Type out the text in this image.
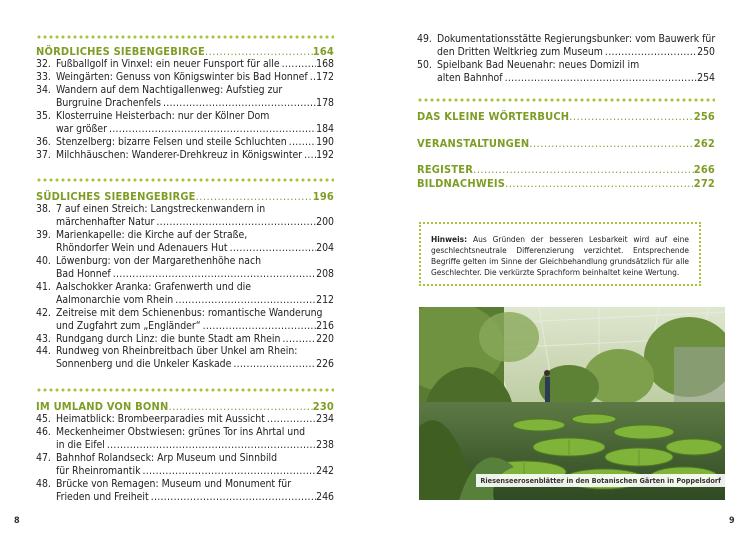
NÖRDLICHES SIEBENGEBIRGE .....	164
32. Fußballgolf in Vinxel: ein neuer Funsport für alle .....	168
33. Weingärten: Genuss von Königswinter bis Bad Honnef ..... 172
34. Wandern auf dem Nachtigallenweg: Aufstieg zur
Burgruine Drachenfels .....	178
35. Klosterruine Heisterbach: nur der Kölner Dom
war größer .....	184
36. Stenzelberg: bizarre Felsen und steile Schluchten .....	190
37. Milchhäuschen: Wanderer-Drehkreuz in Königswinter ..... 192
SÜDLICHES SIEBENGEBIRGE .....	196
38. 7 auf einen Streich: Langstreckenwandern in
märchenhafter Natur .....	200
39. Marienkapelle: die Kirche auf der Straße,
Rhöndorfer Wein und Adenauers Hut .....	204
40. Löwenburg: von der Margarethenhöhe nach
Bad Honnef .....	208
41. Aalschokker Aranka: Grafenwerth und die
Aalmonarchie vom Rhein .....	212
42. Zeitreise mit dem Schienenbus: romantische Wanderung
und Zugfahrt zum „Engländer“ .....	216
43. Rundgang durch Linz: die bunte Stadt am Rhein .....	220
44. Rundweg von Rheinbreitbach über Unkel am Rhein:
Sonnenberg und die Unkeler Kaskade .....	226
IM UMLAND VON BONN .....	230
45. Heimatblick: Brombeerparadies mit Aussicht .....	234
46. Meckenheimer Obstwiesen: grünes Tor ins Ahrtal und
in die Eifel .....	238
47. Bahnhof Rolandseck: Arp Museum und Sinnbild
für Rheinromantik .....	242
48. Brücke von Remagen: Museum und Monument für
Frieden und Freiheit .....	246
8
49. Dokumentationsstätte Regierungsbunker: vom Bauwerk für
den Dritten Weltkrieg zum Museum .....	250
50. Spielbank Bad Neuenahr: neues Domizil im
alten Bahnhof .....	254
DAS KLEINE WÖRTERBUCH .....	256
VERANSTALTUNGEN .....	262
REGISTER .....	266
BILDNACHWEIS .....	272
Hinweis: Aus Gründen der besseren Lesbarkeit wird auf eine geschlechtsneutrale Differenzierung verzichtet. Entsprechende Begriffe gelten im Sinne der Gleichbehandlung grundsätzlich für alle Geschlechter. Die verkürzte Sprachform beinhaltet keine Wertung.
Riesenseerosenblätter in den Botanischen Gärten in Poppelsdorf
9
